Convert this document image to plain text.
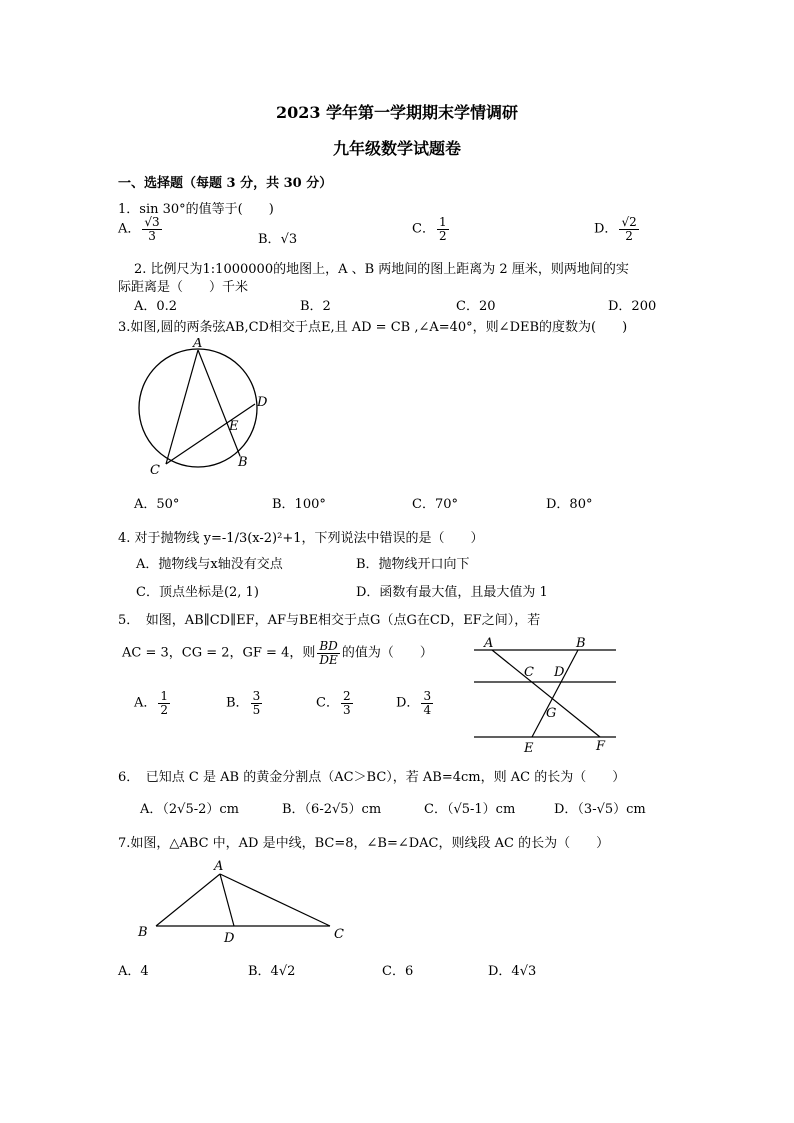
2023 学年第一学期期末学情调研
九年级数学试题卷
一、选择题（每题 3 分，共 30 分）
1．sin 30°的值等于(　　)
A． $\frac{√3}{3}$	B．√3
C． $\frac{1}{2}$	D． $\frac{√2}{2}$
2. 比例尺为1:1000000的地图上，A 、B 两地间的图上距离为 2 厘米，则两地间的实
际距离是（　　）千米
A．0.2	B．2	C．20	D．200
3.如图,圆的两条弦AB,CD相交于点E,且 AD = CB ,∠A=40°，则∠DEB的度数为(　　)
A
D
E
B
C
A．50°	B．100°	C．70°	D．80°
4. 对于抛物线 y=-1/3(x-2)²+1，下列说法中错误的是（　　）
A．抛物线与x轴没有交点	B．抛物线开口向下
C．顶点坐标是(2, 1)	D．函数有最大值，且最大值为 1
5．　如图，AB∥CD∥EF，AF与BE相交于点G（点G在CD，EF之间），若
AC = 3，CG = 2，GF = 4，则 $\frac{BD}{DE}$ 的值为（　　）
A． $\frac{1}{2}$	B． $\frac{3}{5}$	C． $\frac{2}{3}$	D． $\frac{3}{4}$
A	B
C D
G
E	F
6．　已知点 C 是 AB 的黄金分割点（AC＞BC），若 AB=4cm，则 AC 的长为（　　）
A．（2√5-2）cm	B．（6-2√5）cm	C．（√5-1）cm	D．（3-√5）cm
7.如图，△ABC 中，AD 是中线，BC=8，∠B=∠DAC，则线段 AC 的长为（　　）
A
B	D	C
A．4	B．4√2	C．6	D．4√3
